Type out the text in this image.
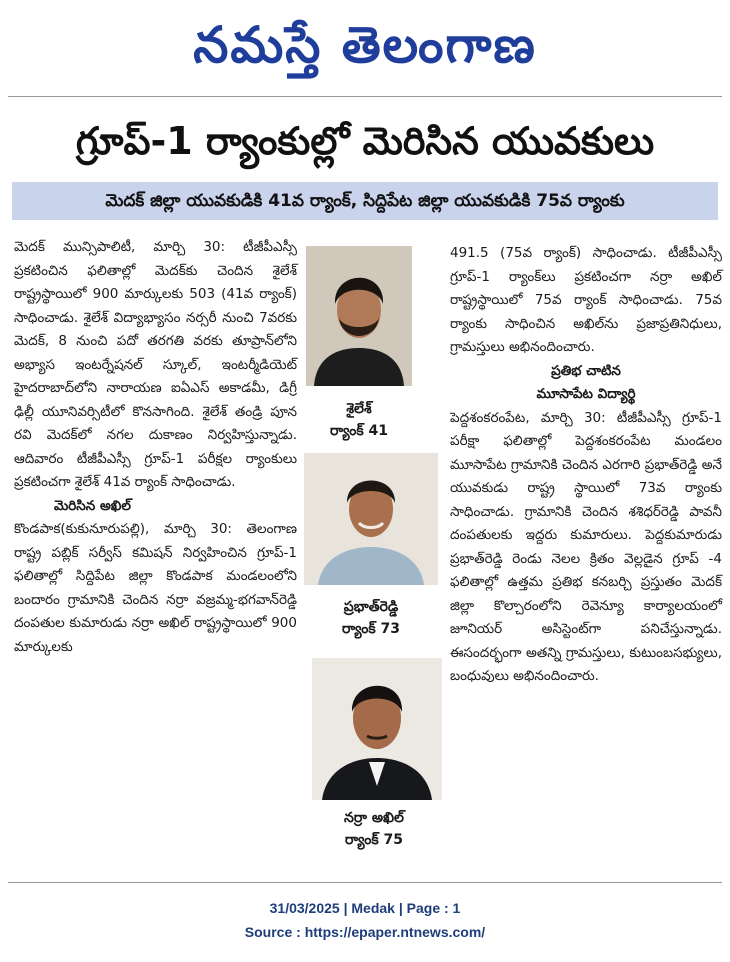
నమస్తే తెలంగాణ
గ్రూప్-1 ర్యాంకుల్లో మెరిసిన యువకులు
మెదక్ జిల్లా యువకుడికి 41వ ర్యాంక్, సిద్దిపేట జిల్లా యువకుడికి 75వ ర్యాంకు

మెదక్ మున్సిపాలిటీ, మార్చి 30: టీజీపీఎస్సీ ప్రకటించిన ఫలితాల్లో మెదక్‌కు చెందిన శైలేశ్ రాష్ట్రస్థాయిలో 900 మార్కులకు 503 (41వ ర్యాంక్) సాధించాడు. శైలేశ్ విద్యాభ్యాసం నర్సరీ నుంచి 7వరకు మెదక్, 8 నుంచి పదో తరగతి వరకు తూప్రాన్‌లోని అభ్యాస ఇంటర్నేషనల్ స్కూల్, ఇంటర్మీడియెట్ హైదరాబాద్‌లోని నారాయణ ఐఏఎస్ అకాడమీ, డిగ్రీ ఢిల్లీ యూనివర్సిటీలో కొనసాగింది. శైలేశ్ తండ్రి పూన రవి మెదక్‌లో నగల దుకాణం నిర్వహిస్తున్నాడు. ఆదివారం టీజీపీఎస్సీ గ్రూప్-1 పరీక్షల ర్యాంకులు ప్రకటించగా శైలేశ్ 41వ ర్యాంక్ సాధించాడు.

మెరిసిన అఖిల్

కొండపాక(కుకునూరుపల్లి), మార్చి 30: తెలంగాణ రాష్ట్ర పబ్లిక్ సర్వీస్ కమిషన్ నిర్వహించిన గ్రూప్-1 ఫలితాల్లో సిద్దిపేట జిల్లా కొండపాక మండలంలోని బందారం గ్రామానికి చెందిన నర్రా వజ్రమ్మ-భగవాన్‌రెడ్డి దంపతుల కుమారుడు నర్రా అఖిల్ రాష్ట్రస్థాయిలో 900 మార్కులకు

శైలేశ్
ర్యాంక్ 41
ప్రభాత్‌రెడ్డి
ర్యాంక్ 73
నర్రా అఖిల్
ర్యాంక్ 75

491.5 (75వ ర్యాంక్) సాధించాడు. టీజీపీఎస్సీ గ్రూప్-1 ర్యాంక్‌లు ప్రకటించగా నర్రా అఖిల్ రాష్ట్రస్థాయిలో 75వ ర్యాంక్ సాధించాడు. 75వ ర్యాంకు సాధించిన అఖిల్‌ను ప్రజాప్రతినిధులు, గ్రామస్తులు అభినందించారు.

ప్రతిభ చాటిన

మూసాపేట విద్యార్థి

పెద్దశంకరంపేట, మార్చి 30: టీజీపీఎస్సీ గ్రూప్-1 పరీక్షా ఫలితాల్లో పెద్దశంకరంపేట మండలం మూసాపేట గ్రామానికి చెందిన ఎరగారి ప్రభాత్‌రెడ్డి అనే యువకుడు రాష్ట్ర స్థాయిలో 73వ ర్యాంకు సాధించాడు. గ్రామానికి చెందిన శశిధర్‌రెడ్డి పావనీ దంపతులకు ఇద్దరు కుమారులు. పెద్దకుమారుడు ప్రభాత్‌రెడ్డి రెండు నెలల క్రితం వెల్లడైన గ్రూప్ -4 ఫలితాల్లో ఉత్తమ ప్రతిభ కనబర్చి ప్రస్తుతం మెదక్ జిల్లా కొల్చారంలోని రెవెన్యూ కార్యాలయంలో జూనియర్ అసిస్టెంట్‌గా పనిచేస్తున్నాడు. ఈసందర్భంగా అతన్ని గ్రామస్తులు, కుటుంబసభ్యులు, బంధువులు అభినందించారు.

31/03/2025 | Medak | Page : 1
Source : https://epaper.ntnews.com/
